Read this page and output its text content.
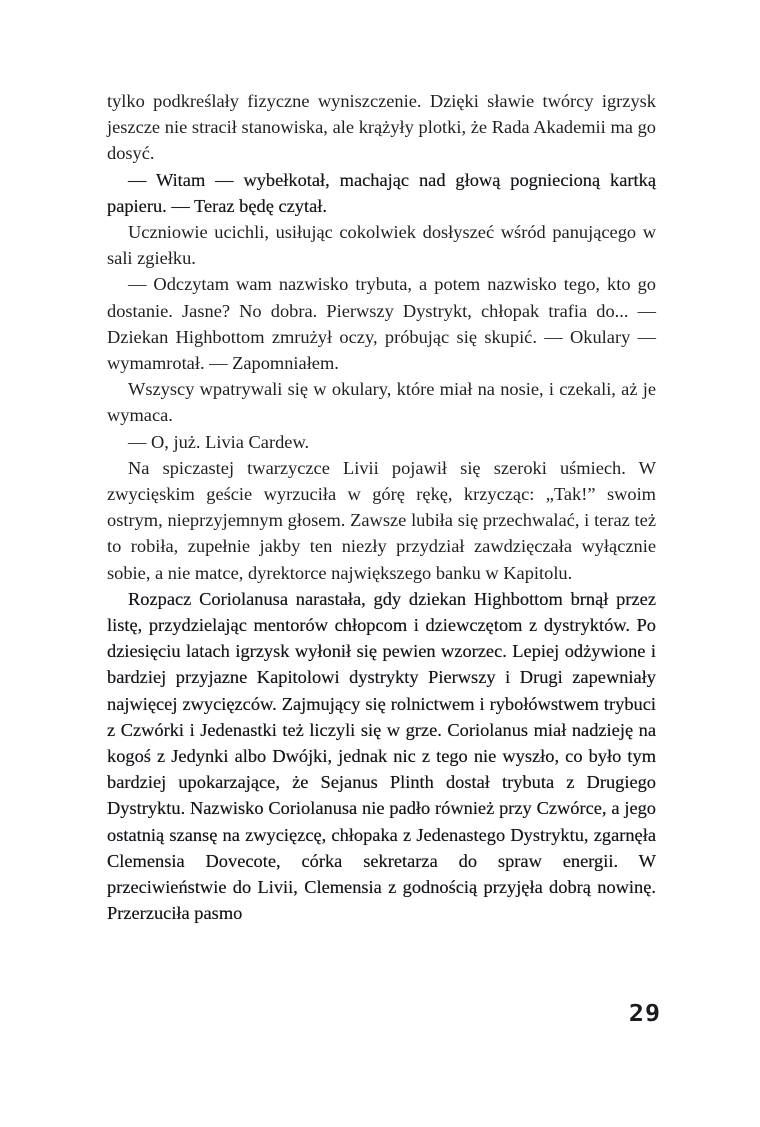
tylko podkreślały fizyczne wyniszczenie. Dzięki sławie twórcy igrzysk jeszcze nie stracił stanowiska, ale krążyły plotki, że Rada Akademii ma go dosyć.

— Witam — wybełkotał, machając nad głową pogniecioną kartką papieru. — Teraz będę czytał.

Uczniowie ucichli, usiłując cokolwiek dosłyszeć wśród panującego w sali zgiełku.

— Odczytam wam nazwisko trybuta, a potem nazwisko tego, kto go dostanie. Jasne? No dobra. Pierwszy Dystrykt, chłopak trafia do... — Dziekan Highbottom zmrużył oczy, próbując się skupić. — Okulary — wymamrotał. — Zapomniałem.

Wszyscy wpatrywali się w okulary, które miał na nosie, i czekali, aż je wymaca.

— O, już. Livia Cardew.

Na spiczastej twarzyczce Livii pojawił się szeroki uśmiech. W zwycięskim geście wyrzuciła w górę rękę, krzycząc: „Tak!” swoim ostrym, nieprzyjemnym głosem. Zawsze lubiła się przechwalać, i teraz też to robiła, zupełnie jakby ten niezły przydział zawdzięczała wyłącznie sobie, a nie matce, dyrektorce największego banku w Kapitolu.

Rozpacz Coriolanusa narastała, gdy dziekan Highbottom brnął przez listę, przydzielając mentorów chłopcom i dziewczętom z dystryktów. Po dziesięciu latach igrzysk wyłonił się pewien wzorzec. Lepiej odżywione i bardziej przyjazne Kapitolowi dystrykty Pierwszy i Drugi zapewniały najwięcej zwycięzców. Zajmujący się rolnictwem i rybołówstwem trybuci z Czwórki i Jedenastki też liczyli się w grze. Coriolanus miał nadzieję na kogoś z Jedynki albo Dwójki, jednak nic z tego nie wyszło, co było tym bardziej upokarzające, że Sejanus Plinth dostał trybuta z Drugiego Dystryktu. Nazwisko Coriolanusa nie padło również przy Czwórce, a jego ostatnią szansę na zwycięzcę, chłopaka z Jedenastego Dystryktu, zgarnęła Clemensia Dovecote, córka sekretarza do spraw energii. W przeciwieństwie do Livii, Clemensia z godnością przyjęła dobrą nowinę. Przerzuciła pasmo

29
